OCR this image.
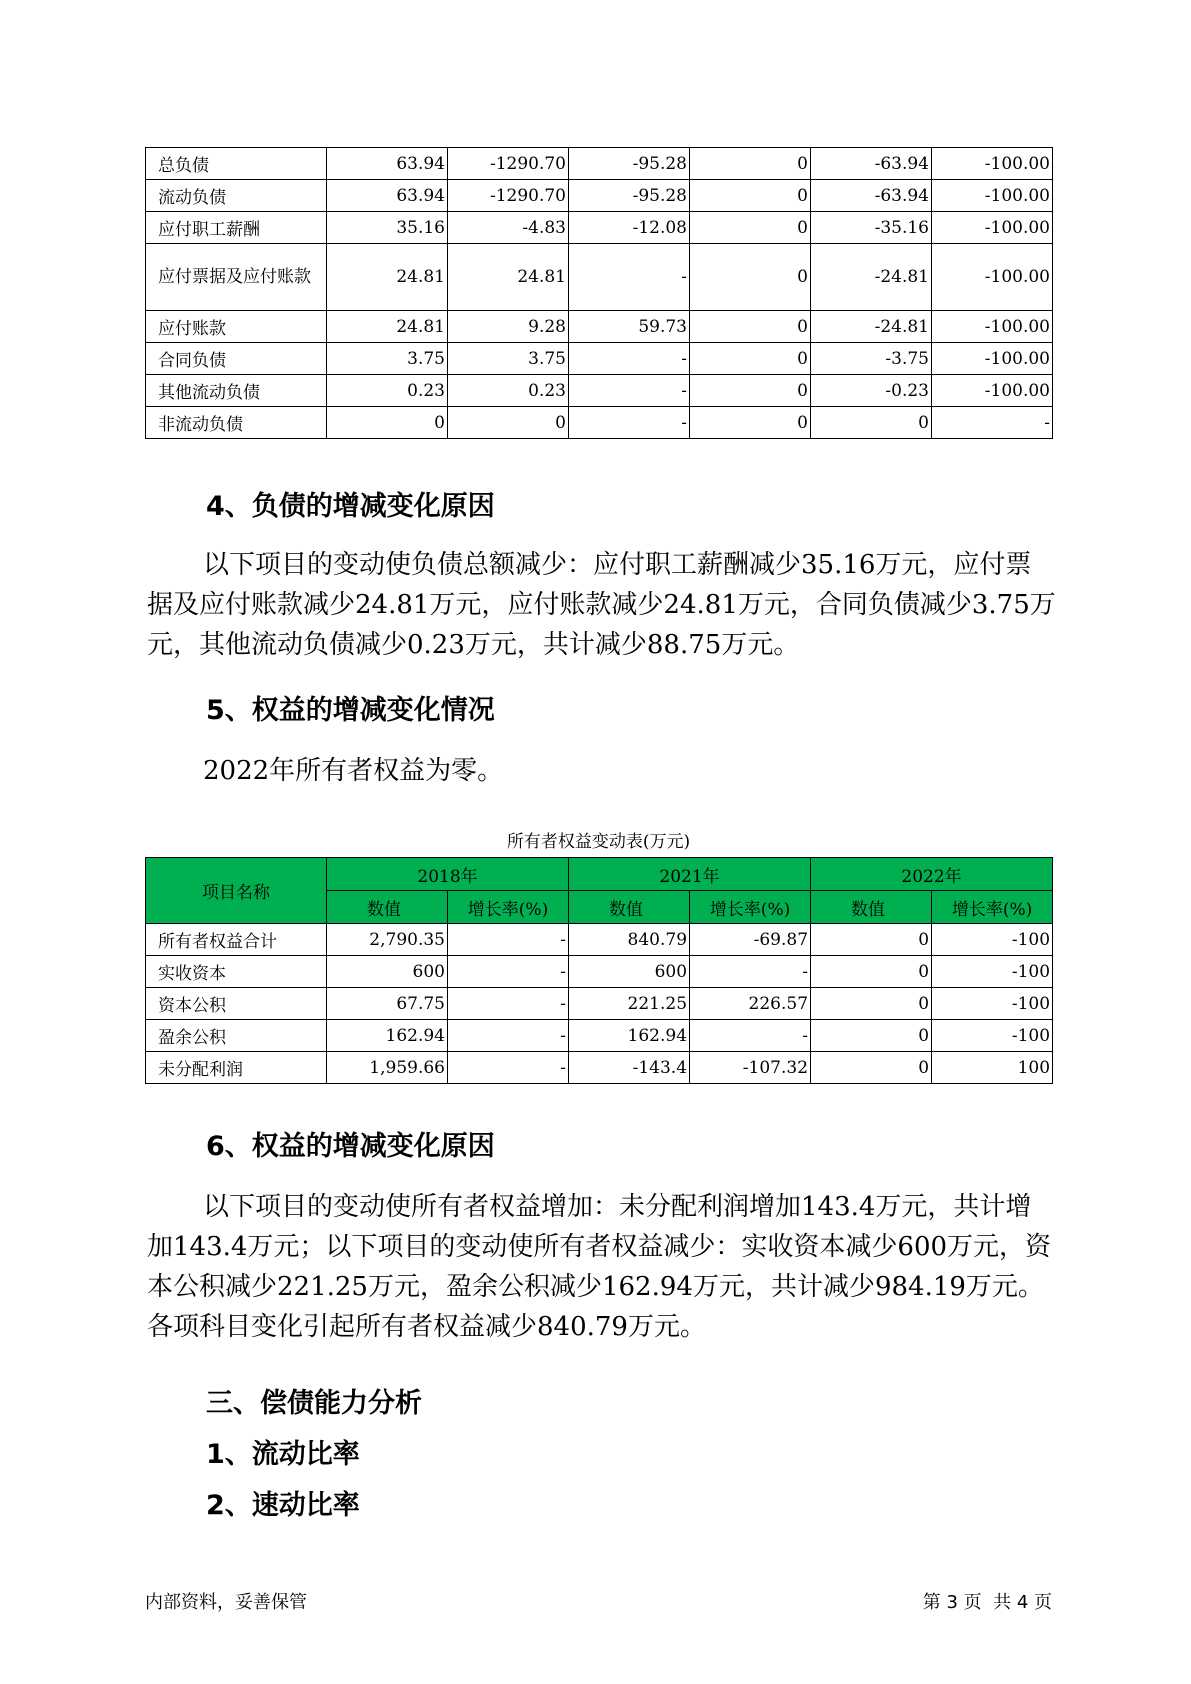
总负债	63.94	-1290.70	-95.28	0	-63.94	-100.00
流动负债	63.94	-1290.70	-95.28	0	-63.94	-100.00
应付职工薪酬	35.16	-4.83	-12.08	0	-35.16	-100.00
应付票据及应付账款	24.81	24.81	-	0	-24.81	-100.00
应付账款	24.81	9.28	59.73	0	-24.81	-100.00
合同负债	3.75	3.75	-	0	-3.75	-100.00
其他流动负债	0.23	0.23	-	0	-0.23	-100.00
非流动负债	0	0	-	0	0	-
4、负债的增减变化原因

以下项目的变动使负债总额减少：应付职工薪酬减少35.16万元，应付票据及应付账款减少24.81万元，应付账款减少24.81万元，合同负债减少3.75万元，其他流动负债减少0.23万元，共计减少88.75万元。

5、权益的增减变化情况

2022年所有者权益为零。

所有者权益变动表(万元)
项目名称	2018年		2021年		2022年	
	数值	增长率(%)	数值	增长率(%)	数值	增长率(%)
所有者权益合计	2,790.35	-	840.79	-69.87	0	-100
实收资本	600	-	600	-	0	-100
资本公积	67.75	-	221.25	226.57	0	-100
盈余公积	162.94	-	162.94	-	0	-100
未分配利润	1,959.66	-	-143.4	-107.32	0	100
6、权益的增减变化原因

以下项目的变动使所有者权益增加：未分配利润增加143.4万元，共计增加143.4万元；以下项目的变动使所有者权益减少：实收资本减少600万元，资本公积减少221.25万元，盈余公积减少162.94万元，共计减少984.19万元。各项科目变化引起所有者权益减少840.79万元。

三、偿债能力分析
1、流动比率
2、速动比率
内部资料，妥善保管	第 3 页  共 4 页
